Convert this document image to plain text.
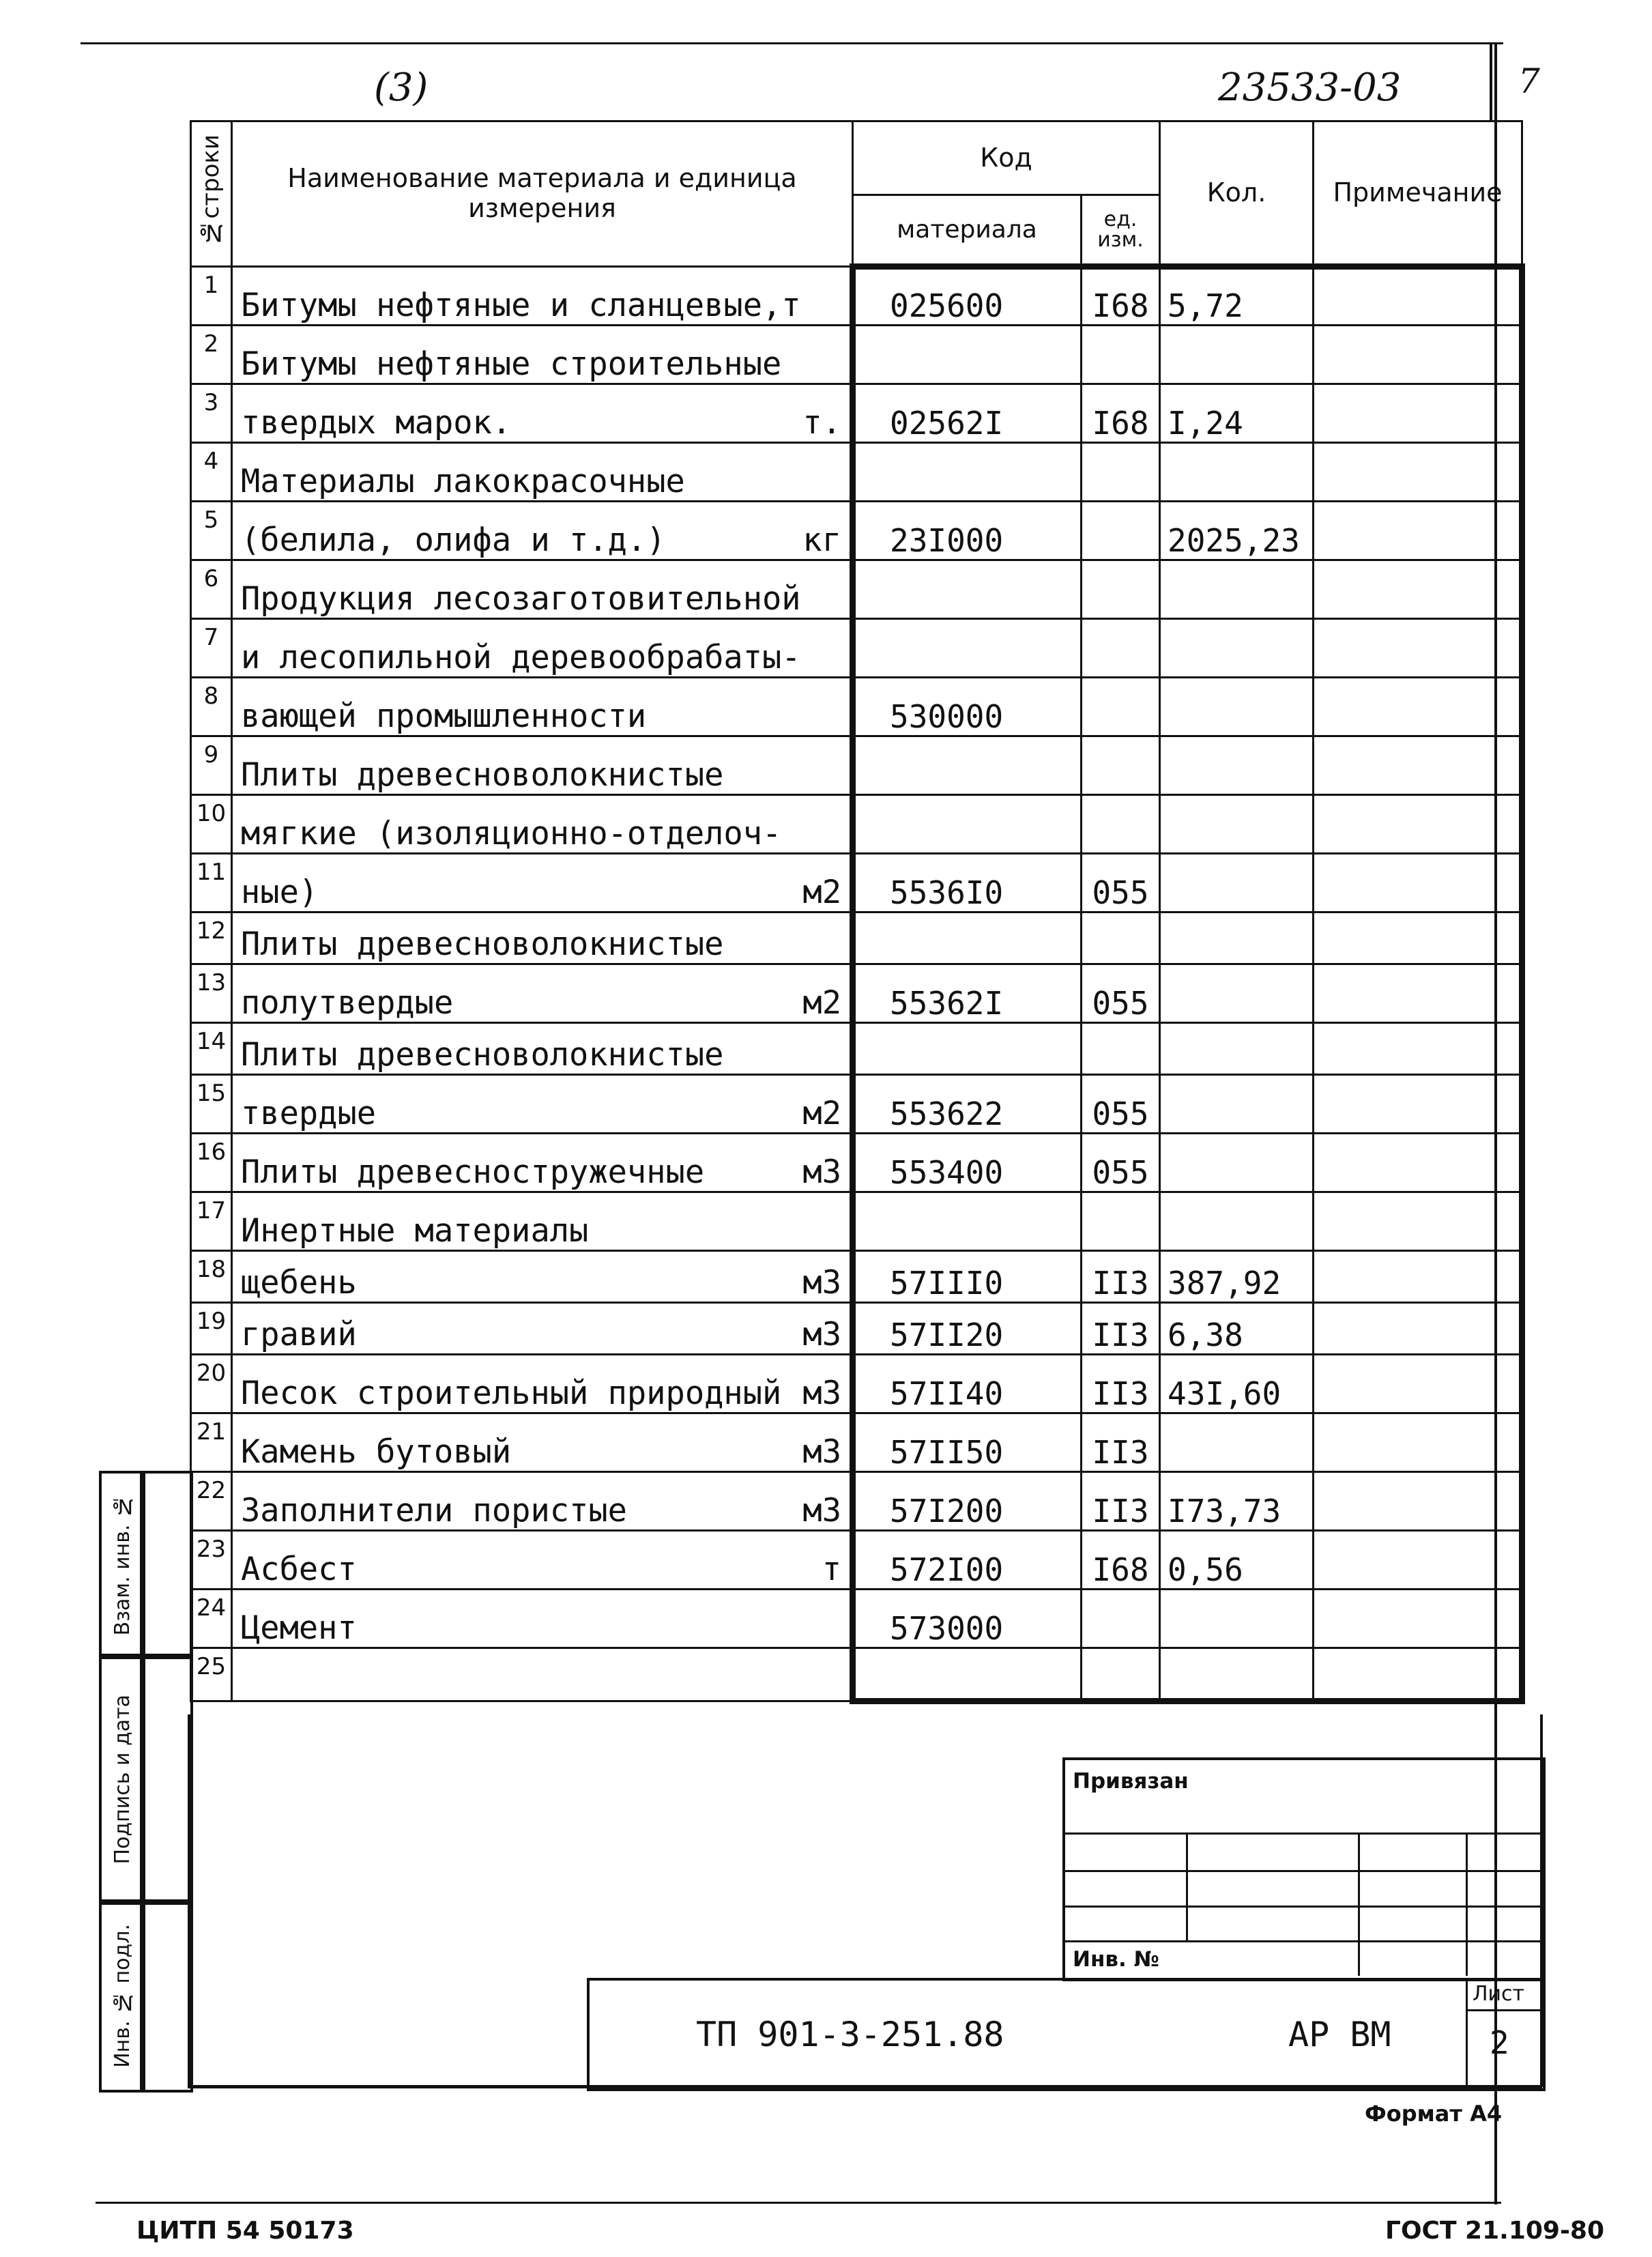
(3)	23533-03	7
№строки	Наименование материала и единица измерения	Код		Кол.	Примечание
		материала	ед. изм.		
1	Битумы нефтяные и сланцевые,т	025600	I68	5,72	
2	Битумы нефтяные строительные				

3	твердых марок. т.	02562I	I68	I,24	
4	Материалы лакокрасочные				

5	(белила, олифа и т.д.) кг	23I000		2025,23	
6	Продукция лесозаготовительной				

7	и лесопильной деревообрабаты-				

8	вающей промышленности	530000			
9	Плиты древесноволокнистые				

10	мягкие (изоляционно-отделоч-				

11	ные) м2	5536I0	055		
12	Плиты древесноволокнистые				

13	полутвердые м2	55362I	055		
14	Плиты древесноволокнистые				

15	твердые м2	553622	055		
16	Плиты древесностружечные м3	553400	055		
17	Инертные материалы				

18	щебень м3	57III0	II3	387,92	
19	гравий м3	57II20	II3	6,38	
20	Песок строительный природный м3	57II40	II3	43I,60	
21	Камень бутовый м3	57II50	II3		
22	Заполнители пористые м3	57I200	II3	I73,73	
23	Асбест т	572I00	I68	0,56	
24	Цемент	573000			
25	

Взам. инв. №
Подпись и дата
Инв. № подл.
Привязан
Инв. №
ТП 901-3-251.88	АР ВМ
Лист
2
Формат А4
ЦИТП 54 50173	ГОСТ 21.109-80
